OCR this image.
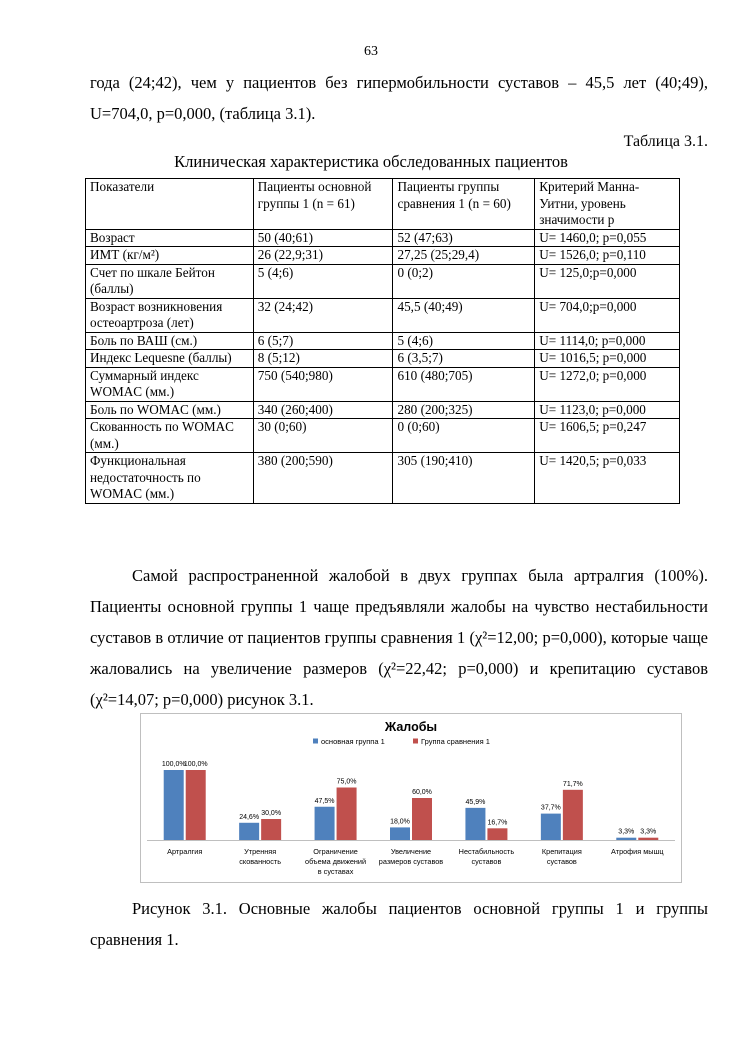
63

года (24;42), чем у пациентов без гипермобильности суставов – 45,5 лет (40;49), U=704,0, p=0,000, (таблица 3.1).

Таблица 3.1.
Клиническая характеристика обследованных пациентов
Показатели	Пациенты основной группы 1 (n = 61)	Пациенты группы сравнения 1 (n = 60)	Критерий Манна-Уитни, уровень значимости p
Возраст	50 (40;61)	52 (47;63)	U= 1460,0; p=0,055
ИМТ (кг/м²)	26 (22,9;31)	27,25 (25;29,4)	U= 1526,0; p=0,110
Счет по шкале Бейтон (баллы)	5 (4;6)	0 (0;2)	U= 125,0;p=0,000
Возраст возникновения остеоартроза (лет)	32 (24;42)	45,5 (40;49)	U= 704,0;p=0,000
Боль по ВАШ (см.)	6 (5;7)	5 (4;6)	U= 1114,0; p=0,000
Индекс Lequesne (баллы)	8 (5;12)	6 (3,5;7)	U= 1016,5; p=0,000
Суммарный индекс WOMAC (мм.)	750 (540;980)	610 (480;705)	U= 1272,0; p=0,000
Боль по WOMAC (мм.)	340 (260;400)	280 (200;325)	U= 1123,0; p=0,000
Скованность по WOMAC (мм.)	30 (0;60)	0 (0;60)	U= 1606,5; p=0,247
Функциональная недостаточность по WOMAC (мм.)	380 (200;590)	305 (190;410)	U= 1420,5; p=0,033

Самой распространенной жалобой в двух группах была артралгия (100%). Пациенты основной группы 1 чаще предъявляли жалобы на чувство нестабильности суставов в отличие от пациентов группы сравнения 1 (χ²=12,00; p=0,000), которые чаще жаловались на увеличение размеров (χ²=22,42; p=0,000) и крепитацию суставов (χ²=14,07; p=0,000) рисунок 3.1.

Жалобы
основная группа 1	Группа сравнения 1
100,0%
100,0%
Артралгия
24,6%
30,0%
Утренняя скованность
47,5%
75,0%
Ограничение объема движений в суставах
18,0%
60,0%
Увеличение размеров суставов
45,9%
16,7%
Нестабильность суставов
37,7%
71,7%
Крепитация суставов
3,3% 3,3%
Атрофия мышц

Рисунок 3.1. Основные жалобы пациентов основной группы 1 и группы сравнения 1.
